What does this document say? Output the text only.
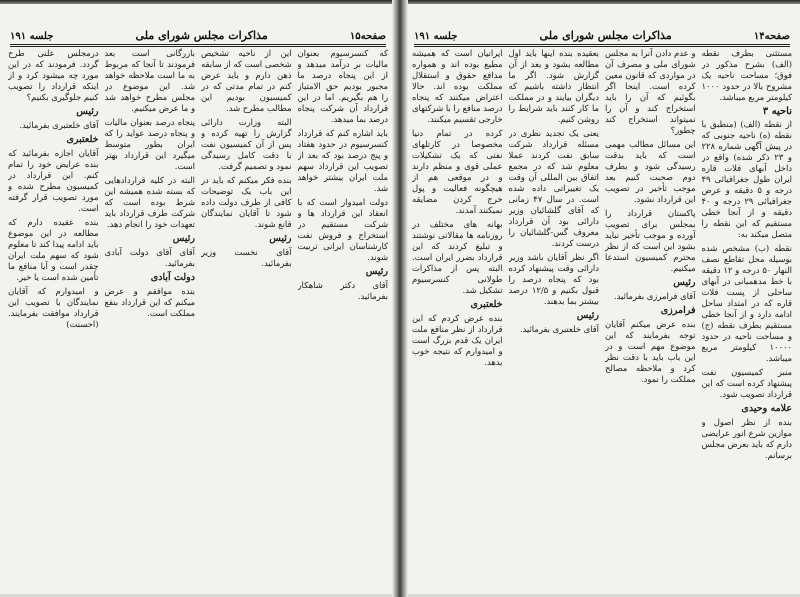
صفحه۱۵
مذاکرات مجلس شورای ملی
جلسه ۱۹۱

که کنسرسیوم بعنوان مالیات بر درآمد میدهد و از این پنجاه درصد ما مجبور بودیم حق الامتیاز را هم بگیریم. اما در این قرارداد آن شرکت پنجاه درصد بما میدهد.

باید اشاره کنم که قرارداد کنسرسیوم در حدود هفتاد و پنج درصد بود که بعد از تصویب این قرارداد سهم ملت ایران بیشتر خواهد شد.

دولت امیدوار است که با انعقاد این قرارداد ها و شرکت مستقیم در استخراج و فروش نفت کارشناسان ایرانی تربیت شوند.

رئیس

آقای دکتر شاهکار بفرمائید.

این از ناحیه تشخیص شخصی است که از سابقه ذهن دارم و باید عرض کنم در تمام مدتی که در کمیسیون بودیم این مطالب مطرح شد.

البته وزارت دارائی گزارش را تهیه کرده و پس از آن کمیسیون نفت با دقت کامل رسیدگی نمود و تصمیم گرفت.

بنده فکر میکنم که باید در این باب یک توضیحات کافی از طرف دولت داده شود تا آقایان نمایندگان قانع شوند.

رئیس

آقای نخست وزیر بفرمائید.

بازرگانی است بعد فرمودند تا آنجا که مربوط به ما است ملاحظه خواهد شد. این موضوع در مجلس مطرح خواهد شد و ما عرض میکنیم.

پنجاه درصد بعنوان مالیات و پنجاه درصد عواید را که ایران بطور متوسط میگیرد این قرارداد بهتر است.

البته در کلیه قراردادهایی که بسته شده همیشه این شرط بوده است که شرکت طرف قرارداد باید تعهدات خود را انجام دهد.

رئیس

آقای آقای دولت آبادی بفرمائید.

دولت آبادی

بنده موافقم و عرض میکنم که این قرارداد بنفع مملکت است.

درمجلس علنی طرح گردد. فرمودند که در این مورد چه میشود کرد و از اینکه قرارداد را تصویب کنیم جلوگیری بکنیم؟

رئیس

آقای خلعتبری بفرمائید.

خلعتبری

آقایان اجازه بفرمائید که بنده عرایض خود را تمام کنم. این قرارداد در کمیسیون مطرح شده و مورد تصویب قرار گرفته است.

بنده عقیده دارم که مطالعه در این موضوع باید ادامه پیدا کند تا معلوم شود که سهم ملت ایران چقدر است و آیا منافع ما تأمین شده است یا خیر.

و امیدوارم که آقایان نمایندگان با تصویب این قرارداد موافقت بفرمایند. (احسنت)

صفحه۱۴
مذاکرات مجلس شورای ملی
جلسه ۱۹۱

مستثنی بطرف نقطه (الف) بشرح مذکور در فوق؛ مساحت ناحیه یک مشروح بالا در حدود ۱۰۰۰ کیلومتر مربع میباشد.

ناحیه ۳

از نقطه (الف) (منطبق با نقطه (ه) ناحیه جنوبی که در پیش آگهی شماره ۲۲۸ و ۲۳ ذکر شده) واقع در داخل آبهای فلات قاره ایران طول جغرافیائی ۴۹ درجه و ۵ دقیقه و عرض جغرافیائی ۲۹ درجه و ۴۰ دقیقه و از آنجا خطی مستقیم که این نقطه را متصل میکند به:

نقطه (ب) مشخص شده بوسیله محل تقاطع نصف النهار ۵۰ درجه و ۱۲ دقیقه با خط مدهمیانی در آبهای ساحلی از پست فلات قاره که در امتداد ساحل ادامه دارد و از آنجا خطی مستقیم بطرف نقطه (ج) و مساحت ناحیه در حدود ۱۰۰۰۰ کیلومتر مربع میباشد.

منبر کمیسیون نفت پیشنهاد کرده است که این قرارداد تصویب شود.

علامه وحیدی

بنده از نظر اصول و موازین شرع انور عرایضی دارم که باید بعرض مجلس برسانم.

و عدم دادن آنرا به مجلس شورای ملی و مصرف آن در مواردی که قانون معین کرده است. اینجا اگر بگوئیم که آن را باید استخراج کند و آن را نمیتواند استخراج کند چطور؟

این مسائل مطالب مهمی است که باید بدقت رسیدگی شود و بطرف دوم صحبت کنیم بعد موجب تأخیر در تصویب این قرارداد نشود.

پاکستان قرارداد را بمجلس برای تصویب آورده و موجب تأخیر نباید بشود این است که از نظر محترم کمیسیون استدعا میکنیم.

رئیس

آقای فرامرزی بفرمائید.

فرامرزی

بنده عرض میکنم آقایان توجه بفرمایند که این موضوع مهم است و در این باب باید با دقت نظر کرد و ملاحظه مصالح مملکت را نمود.

بعقیده بنده اینها باید اول مطالعه بشود و بعد از آن گزارش شود. اگر ما انتظار داشته باشیم که دیگران بیایند و در مملکت ما کار کنند باید شرایط را روشن کنیم.

یعنی یک تجدید نظری در مسئله قرارداد شرکت سابق نفت کردند عملا معلوم شد که در مجمع اتفاق بین المللی آن وقت یک تغییراتی داده شده است. در سال ۴۷ زمانی که آقای گلشائیان وزیر دارائی بود آن قرارداد معروف گس-گلشائیان را درست کردند.

اگر نظر آقایان باشد وزیر دارائی وقت پیشنهاد کرده بود که پنجاه درصد را قبول بکنیم و ۱۲/۵ درصد بیشتر بما بدهند.

رئیس

آقای خلعتبری بفرمائید.

ایرانیان است که همیشه مطیع بوده اند و همواره مدافع حقوق و استقلال مملکت بوده اند. حالا اعتراض میکنند که پنجاه درصد منافع را با شرکتهای خارجی تقسیم میکنند.

کرده در تمام دنیا مخصوصا در کارتلهای نفتی که یک تشکیلات عملی قوی و منظم دارند و در موقعی هم از هیچگونه فعالیت و پول خرج کردن مضایقه نمیکنند آمدند.

بهانه های مختلف در روزنامه ها مقالاتی نوشتند و تبلیغ کردند که این قرارداد بضرر ایران است. البته پس از مذاکرات طولانی کنسرسیوم تشکیل شد.

خلعتبری

بنده عرض کردم که این قرارداد از نظر منافع ملت ایران یک قدم بزرگ است و امیدوارم که نتیجه خوب بدهد.
